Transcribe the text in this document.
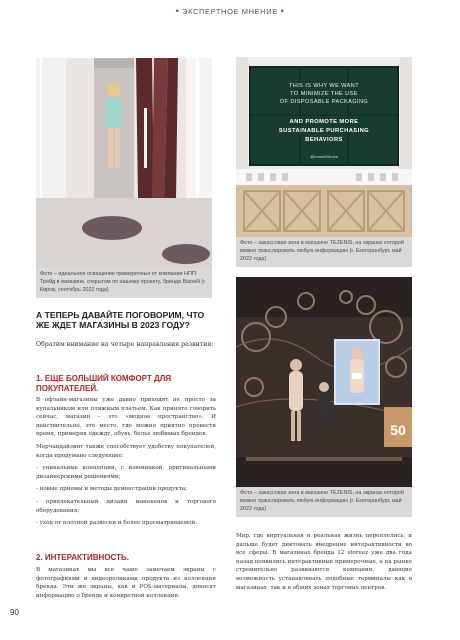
• ЭКСПЕРТНОЕ МНЕНИЕ •
Фото – идеальное освещение примерочных от компании НПП-Трейд в магазине, открытом по нашему проекту, бренда Bianelli (г. Киров, сентябрь 2022 года)
THIS IS WHY WE WANT
TO MINIMIZE THE USE
OF DISPOSABLE PACKAGING
AND PROMOTE MORE
SUSTAINABLE PURCHASING
BEHAVIORS
@bonnieShoes
Фото – закассовая зона в магазине TEZENIS, на экранах которой можно транслировать любую информацию (г. Екатеринбург, май 2022 года)
50
Фото – закассовая зона в магазине TEZENIS, на экранах которой можно транслировать любую информацию (г. Екатеринбург, май 2022 года)
А ТЕПЕРЬ ДАВАЙТЕ ПОГОВОРИМ, ЧТО ЖЕ ЖДЕТ МАГАЗИНЫ В 2023 ГОДУ?
Обратим внимание на четыре направления развития:
1. ЕЩЕ БОЛЬШИЙ КОМФОРТ ДЛЯ ПОКУПАТЕЛЕЙ.

В офлайн-магазины уже давно приходят не просто за купальником или пляжным платьем. Как принято говорить сейчас, магазин – это «модное пространство». И действительно, это место, где можно приятно провести время, примеряя одежду, обувь, белье любимых брендов.

Мерчандайзинг также способствует удобству покупателей, когда продумано следующее:

- уникальные концепции, с изюминкой, оригинальными дизайнерскими решениями;

- новые приемы и методы демонстрации продукта;

- привлекательный дизайн манекенов и торгового оборудования;

- уход от плотной развески и более просматриваемой.

2. ИНТЕРАКТИВНОСТЬ.
В магазинах мы все чаще замечаем экраны с фотографиями и видеороликами продукта из коллекции бренда. Эти же экраны, как и POS-материалы, доносят информацию о бренде и конкретной коллекции.
Мир, где виртуальная и реальная жизнь переплелись, и дальше будет диктовать внедрение интерактивности во все сферы. В магазинах бренда 12 storeez уже два года назад появились интерактивные примерочные, а на рынке стремительно развиваются компании, дающие возможность устанавливать подобные терминалы как в магазинах, так и в общих зонах торговых центров.
90
